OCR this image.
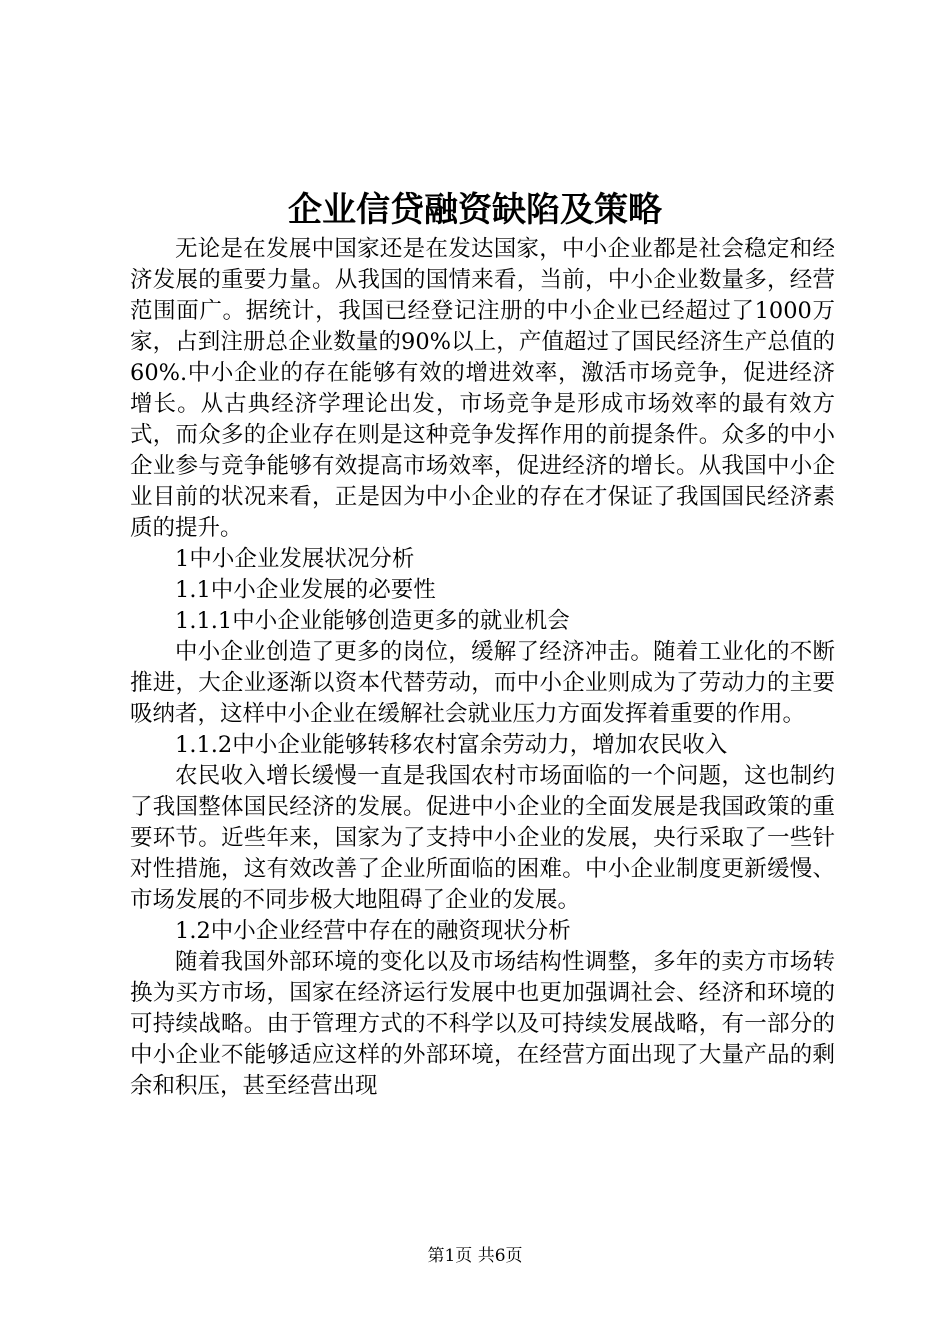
企业信贷融资缺陷及策略

无论是在发展中国家还是在发达国家，中小企业都是社会稳定和经济发展的重要力量。从我国的国情来看，当前，中小企业数量多，经营范围面广。据统计，我国已经登记注册的中小企业已经超过了1000万家，占到注册总企业数量的90%以上，产值超过了国民经济生产总值的60%.中小企业的存在能够有效的增进效率，激活市场竞争，促进经济增长。从古典经济学理论出发，市场竞争是形成市场效率的最有效方式，而众多的企业存在则是这种竞争发挥作用的前提条件。众多的中小企业参与竞争能够有效提高市场效率，促进经济的增长。从我国中小企业目前的状况来看，正是因为中小企业的存在才保证了我国国民经济素质的提升。

1中小企业发展状况分析

1.1中小企业发展的必要性

1.1.1中小企业能够创造更多的就业机会

中小企业创造了更多的岗位，缓解了经济冲击。随着工业化的不断推进，大企业逐渐以资本代替劳动，而中小企业则成为了劳动力的主要吸纳者，这样中小企业在缓解社会就业压力方面发挥着重要的作用。

1.1.2中小企业能够转移农村富余劳动力，增加农民收入

农民收入增长缓慢一直是我国农村市场面临的一个问题，这也制约了我国整体国民经济的发展。促进中小企业的全面发展是我国政策的重要环节。近些年来，国家为了支持中小企业的发展，央行采取了一些针对性措施，这有效改善了企业所面临的困难。中小企业制度更新缓慢、市场发展的不同步极大地阻碍了企业的发展。

1.2中小企业经营中存在的融资现状分析

随着我国外部环境的变化以及市场结构性调整，多年的卖方市场转换为买方市场，国家在经济运行发展中也更加强调社会、经济和环境的可持续战略。由于管理方式的不科学以及可持续发展战略，有一部分的中小企业不能够适应这样的外部环境，在经营方面出现了大量产品的剩余和积压，甚至经营出现

第1页 共6页
